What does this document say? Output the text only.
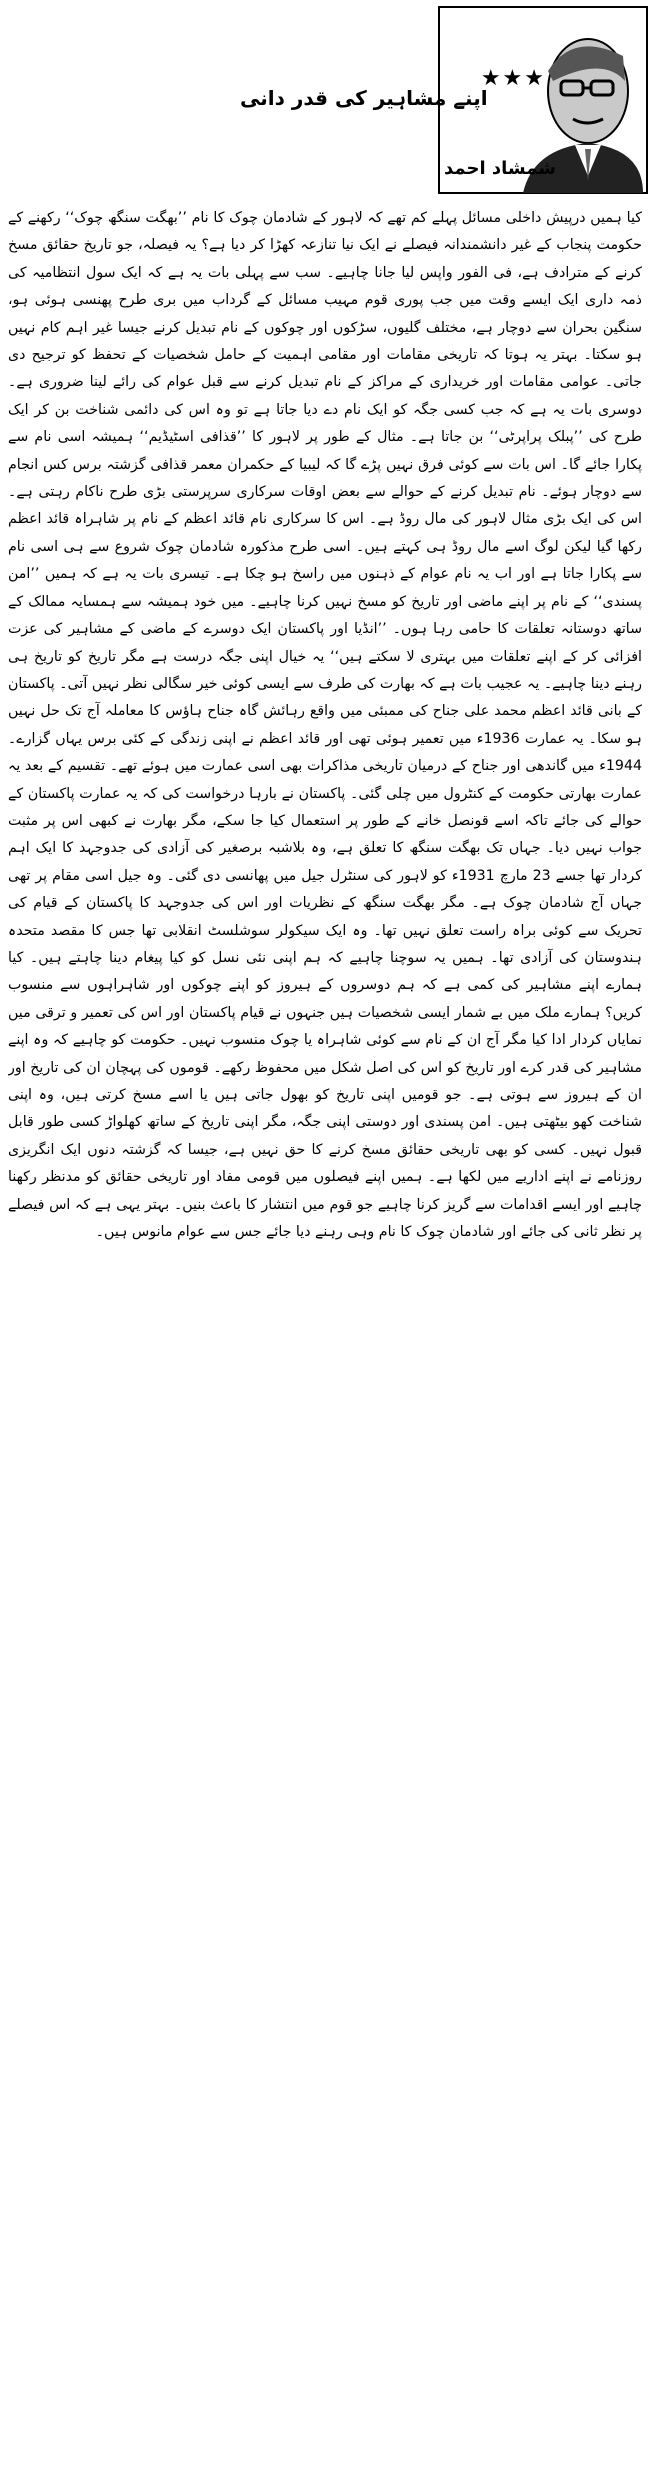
★★★
شمشاد احمد
اپنے مشاہیر کی قدر دانی

کیا ہمیں درپیش داخلی مسائل پہلے کم تھے کہ لاہور کے شادمان چوک کا نام ’’بھگت سنگھ چوک‘‘ رکھنے کے حکومت پنجاب کے غیر دانشمندانہ فیصلے نے ایک نیا تنازعہ کھڑا کر دیا ہے؟ یہ فیصلہ، جو تاریخ حقائق مسخ کرنے کے مترادف ہے، فی الفور واپس لیا جانا چاہیے۔ سب سے پہلی بات یہ ہے کہ ایک سول انتظامیہ کی ذمہ داری ایک ایسے وقت میں جب پوری قوم مہیب مسائل کے گرداب میں بری طرح پھنسی ہوئی ہو، سنگین بحران سے دوچار ہے، مختلف گلیوں، سڑکوں اور چوکوں کے نام تبدیل کرنے جیسا غیر اہم کام نہیں ہو سکتا۔ بہتر یہ ہوتا کہ تاریخی مقامات اور مقامی اہمیت کے حامل شخصیات کے تحفظ کو ترجیح دی جاتی۔ عوامی مقامات اور خریداری کے مراکز کے نام تبدیل کرنے سے قبل عوام کی رائے لینا ضروری ہے۔ دوسری بات یہ ہے کہ جب کسی جگہ کو ایک نام دے دیا جاتا ہے تو وہ اس کی دائمی شناخت بن کر ایک طرح کی ’’پبلک پراپرٹی‘‘ بن جاتا ہے۔ مثال کے طور پر لاہور کا ’’قذافی اسٹیڈیم‘‘ ہمیشہ اسی نام سے پکارا جائے گا۔ اس بات سے کوئی فرق نہیں پڑے گا کہ لیبیا کے حکمران معمر قذافی گزشتہ برس کس انجام سے دوچار ہوئے۔ نام تبدیل کرنے کے حوالے سے بعض اوقات سرکاری سرپرستی بڑی طرح ناکام رہتی ہے۔ اس کی ایک بڑی مثال لاہور کی مال روڈ ہے۔ اس کا سرکاری نام قائد اعظم کے نام پر شاہراہ قائد اعظم رکھا گیا لیکن لوگ اسے مال روڈ ہی کہتے ہیں۔ اسی طرح مذکورہ شادمان چوک شروع سے ہی اسی نام سے پکارا جاتا ہے اور اب یہ نام عوام کے ذہنوں میں راسخ ہو چکا ہے۔ تیسری بات یہ ہے کہ ہمیں ’’امن پسندی‘‘ کے نام پر اپنے ماضی اور تاریخ کو مسخ نہیں کرنا چاہیے۔ میں خود ہمیشہ سے ہمسایہ ممالک کے ساتھ دوستانہ تعلقات کا حامی رہا ہوں۔ ’’انڈیا اور پاکستان ایک دوسرے کے ماضی کے مشاہیر کی عزت افزائی کر کے اپنے تعلقات میں بہتری لا سکتے ہیں‘‘ یہ خیال اپنی جگہ درست ہے مگر تاریخ کو تاریخ ہی رہنے دینا چاہیے۔ یہ عجیب بات ہے کہ بھارت کی طرف سے ایسی کوئی خیر سگالی نظر نہیں آتی۔ پاکستان کے بانی قائد اعظم محمد علی جناح کی ممبئی میں واقع رہائش گاہ جناح ہاؤس کا معاملہ آج تک حل نہیں ہو سکا۔ یہ عمارت 1936ء میں تعمیر ہوئی تھی اور قائد اعظم نے اپنی زندگی کے کئی برس یہاں گزارے۔ 1944ء میں گاندھی اور جناح کے درمیان تاریخی مذاکرات بھی اسی عمارت میں ہوئے تھے۔ تقسیم کے بعد یہ عمارت بھارتی حکومت کے کنٹرول میں چلی گئی۔ پاکستان نے بارہا درخواست کی کہ یہ عمارت پاکستان کے حوالے کی جائے تاکہ اسے قونصل خانے کے طور پر استعمال کیا جا سکے، مگر بھارت نے کبھی اس پر مثبت جواب نہیں دیا۔ جہاں تک بھگت سنگھ کا تعلق ہے، وہ بلاشبہ برصغیر کی آزادی کی جدوجہد کا ایک اہم کردار تھا جسے 23 مارچ 1931ء کو لاہور کی سنٹرل جیل میں پھانسی دی گئی۔ وہ جیل اسی مقام پر تھی جہاں آج شادمان چوک ہے۔ مگر بھگت سنگھ کے نظریات اور اس کی جدوجہد کا پاکستان کے قیام کی تحریک سے کوئی براہ راست تعلق نہیں تھا۔ وہ ایک سیکولر سوشلسٹ انقلابی تھا جس کا مقصد متحدہ ہندوستان کی آزادی تھا۔ ہمیں یہ سوچنا چاہیے کہ ہم اپنی نئی نسل کو کیا پیغام دینا چاہتے ہیں۔ کیا ہمارے اپنے مشاہیر کی کمی ہے کہ ہم دوسروں کے ہیروز کو اپنے چوکوں اور شاہراہوں سے منسوب کریں؟ ہمارے ملک میں بے شمار ایسی شخصیات ہیں جنہوں نے قیام پاکستان اور اس کی تعمیر و ترقی میں نمایاں کردار ادا کیا مگر آج ان کے نام سے کوئی شاہراہ یا چوک منسوب نہیں۔ حکومت کو چاہیے کہ وہ اپنے مشاہیر کی قدر کرے اور تاریخ کو اس کی اصل شکل میں محفوظ رکھے۔ قوموں کی پہچان ان کی تاریخ اور ان کے ہیروز سے ہوتی ہے۔ جو قومیں اپنی تاریخ کو بھول جاتی ہیں یا اسے مسخ کرتی ہیں، وہ اپنی شناخت کھو بیٹھتی ہیں۔ امن پسندی اور دوستی اپنی جگہ، مگر اپنی تاریخ کے ساتھ کھلواڑ کسی طور قابل قبول نہیں۔ کسی کو بھی تاریخی حقائق مسخ کرنے کا حق نہیں ہے، جیسا کہ گزشتہ دنوں ایک انگریزی روزنامے نے اپنے اداریے میں لکھا ہے۔ ہمیں اپنے فیصلوں میں قومی مفاد اور تاریخی حقائق کو مدنظر رکھنا چاہیے اور ایسے اقدامات سے گریز کرنا چاہیے جو قوم میں انتشار کا باعث بنیں۔ بہتر یہی ہے کہ اس فیصلے پر نظر ثانی کی جائے اور شادمان چوک کا نام وہی رہنے دیا جائے جس سے عوام مانوس ہیں۔
